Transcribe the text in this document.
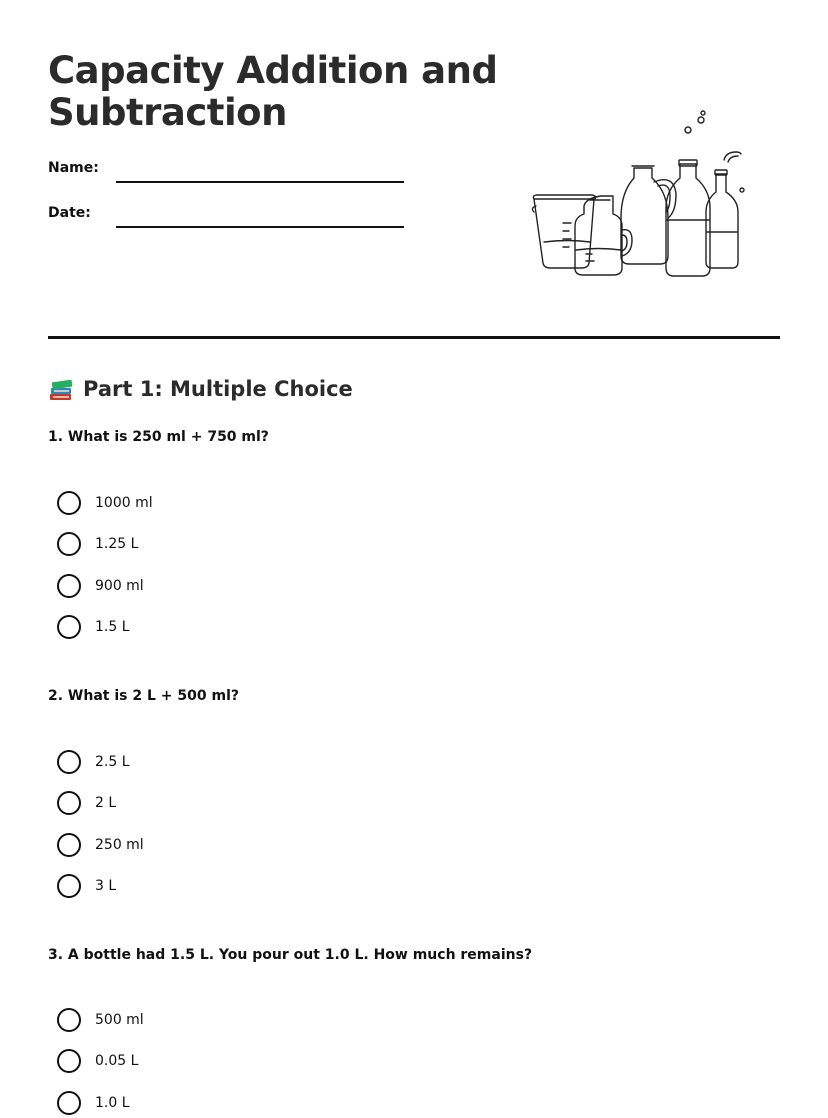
Capacity Addition and Subtraction
Name:
Date:
Part 1: Multiple Choice
1. What is 250 ml + 750 ml?
1000 ml
1.25 L
900 ml
1.5 L
2. What is 2 L + 500 ml?
2.5 L
2 L
250 ml
3 L
3. A bottle had 1.5 L. You pour out 1.0 L. How much remains?
500 ml
0.05 L
1.0 L
